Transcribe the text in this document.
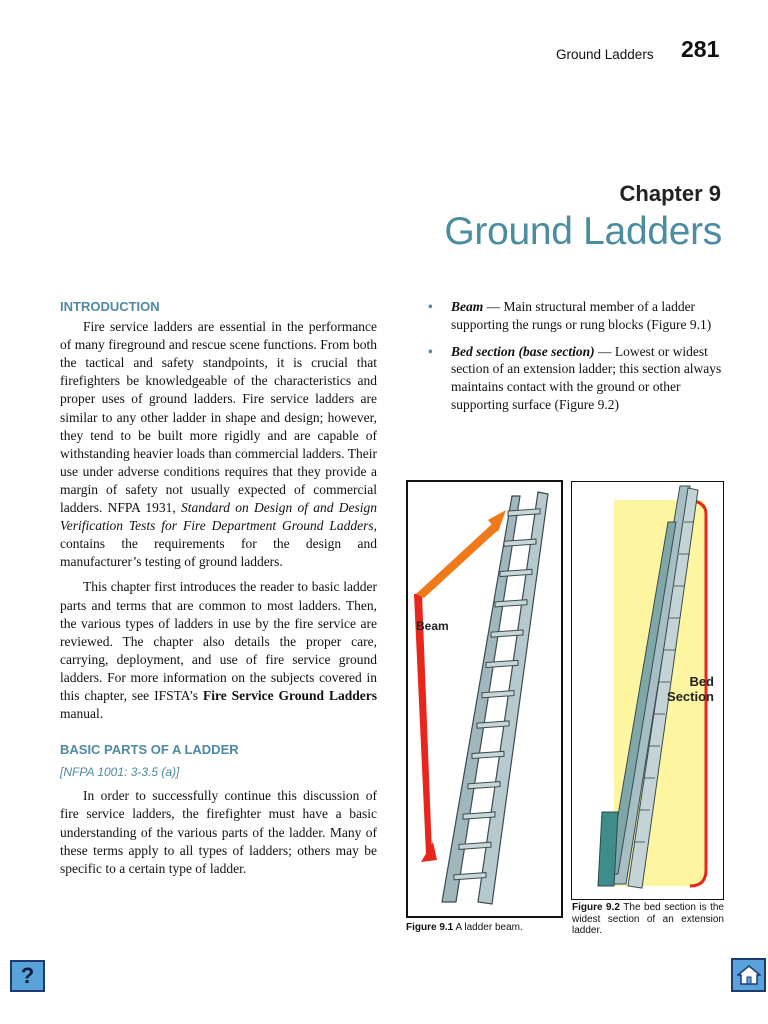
Ground Ladders 281
Chapter 9
Ground Ladders

INTRODUCTION

Fire service ladders are essential in the performance of many fireground and rescue scene functions. From both the tactical and safety standpoints, it is crucial that firefighters be knowledgeable of the characteristics and proper uses of ground ladders. Fire service ladders are similar to any other ladder in shape and design; however, they tend to be built more rigidly and are capable of withstanding heavier loads than commercial ladders. Their use under adverse conditions requires that they provide a margin of safety not usually expected of commercial ladders. NFPA 1931, Standard on Design of and Design Verification Tests for Fire Department Ground Ladders, contains the requirements for the design and manufacturer’s testing of ground ladders.

This chapter first introduces the reader to basic ladder parts and terms that are common to most ladders. Then, the various types of ladders in use by the fire service are reviewed. The chapter also details the proper care, carrying, deployment, and use of fire service ground ladders. For more information on the subjects covered in this chapter, see IFSTA’s Fire Service Ground Ladders manual.

BASIC PARTS OF A LADDER

[NFPA 1001: 3-3.5 (a)]

In order to successfully continue this discussion of fire service ladders, the firefighter must have a basic understanding of the various parts of the ladder. Many of these terms apply to all types of ladders; others may be specific to a certain type of ladder.

• Beam — Main structural member of a ladder supporting the rungs or rung blocks (Figure 9.1)
• Bed section (base section) — Lowest or widest section of an extension ladder; this section always maintains contact with the ground or other supporting surface (Figure 9.2)
Beam
Figure 9.1 A ladder beam.
Bed
Section
Figure 9.2 The bed section is the widest section of an extension ladder.
?
